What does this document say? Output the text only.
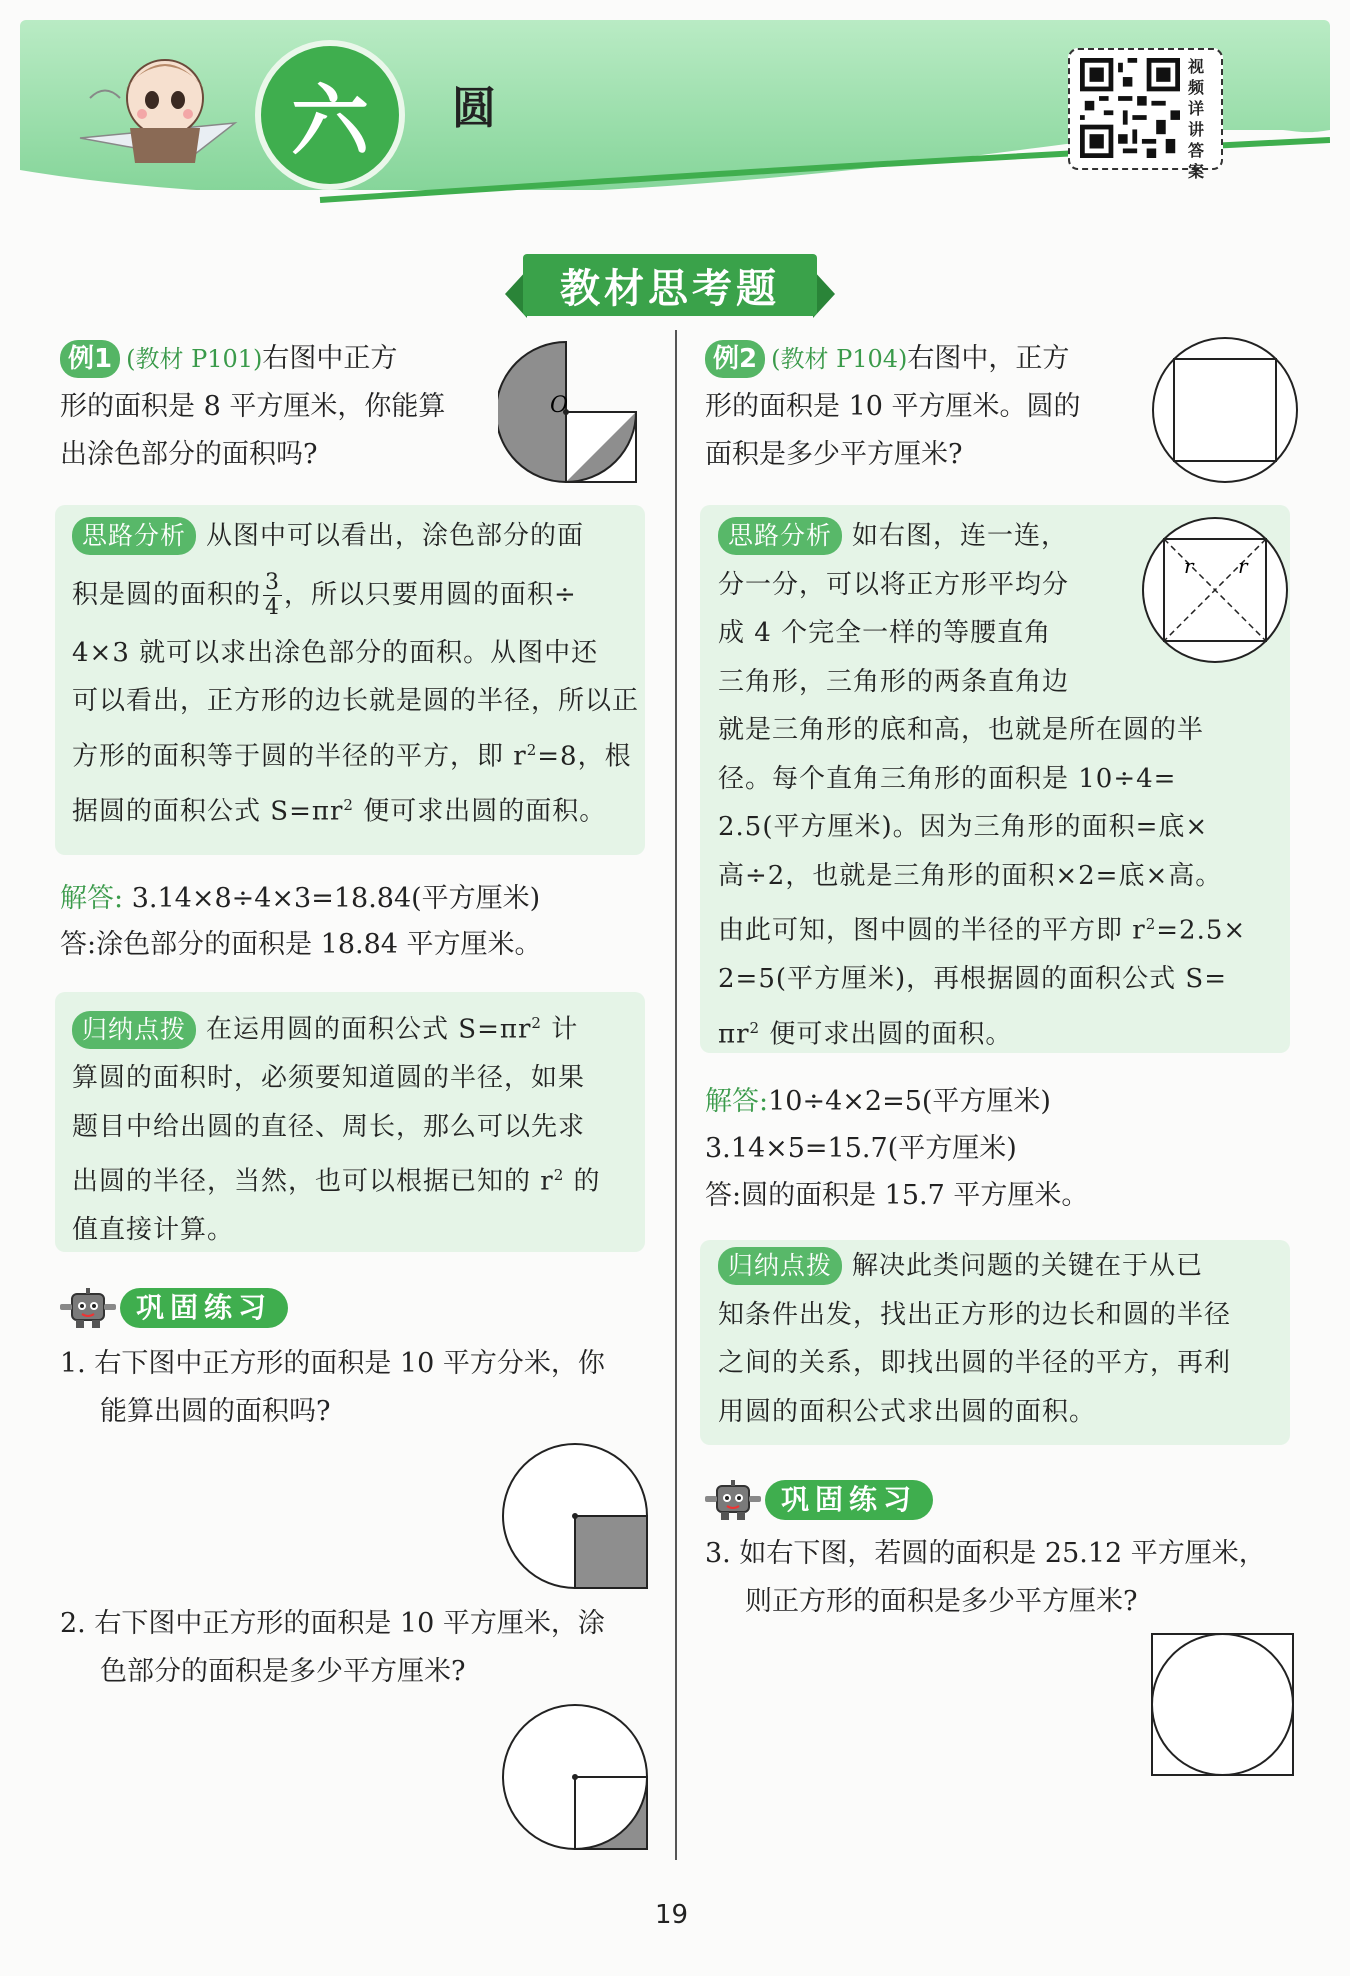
六 圆
视频详讲答案
教材思考题
例1 (教材 P101)右图中正方
形的面积是 8 平方厘米，你能算
出涂色部分的面积吗?
O
思路分析 从图中可以看出，涂色部分的面
积是圆的面积的 $\frac{3}{4}$ ，所以只要用圆的面积÷
4×3 就可以求出涂色部分的面积。从图中还
可以看出，正方形的边长就是圆的半径，所以正
方形的面积等于圆的半径的平方，即 $r^2=8$，根
据圆的面积公式 $S=\pi r^2$ 便可求出圆的面积。
解答: 3.14×8÷4×3=18.84(平方厘米)
答:涂色部分的面积是 18.84 平方厘米。
归纳点拨 在运用圆的面积公式 $S=\pi r^2$ 计
算圆的面积时，必须要知道圆的半径，如果
题目中给出圆的直径、周长，那么可以先求
出圆的半径，当然，也可以根据已知的 $r^2$ 的
值直接计算。
巩固练习
1. 右下图中正方形的面积是 10 平方分米，你
能算出圆的面积吗?
2. 右下图中正方形的面积是 10 平方厘米，涂
色部分的面积是多少平方厘米?
例2 (教材 P104)右图中，正方
形的面积是 10 平方厘米。圆的
面积是多少平方厘米?
r r
思路分析 如右图，连一连，
分一分，可以将正方形平均分
成 4 个完全一样的等腰直角
三角形，三角形的两条直角边
就是三角形的底和高，也就是所在圆的半
径。每个直角三角形的面积是 10÷4=
2.5(平方厘米)。因为三角形的面积=底×
高÷2，也就是三角形的面积×2=底×高。
由此可知，图中圆的半径的平方即 $r^2=2.5\times$
2=5(平方厘米)，再根据圆的面积公式 S=
$\pi r^2$ 便可求出圆的面积。
解答:10÷4×2=5(平方厘米)
3.14×5=15.7(平方厘米)
答:圆的面积是 15.7 平方厘米。
归纳点拨 解决此类问题的关键在于从已
知条件出发，找出正方形的边长和圆的半径
之间的关系，即找出圆的半径的平方，再利
用圆的面积公式求出圆的面积。
巩固练习
3. 如右下图，若圆的面积是 25.12 平方厘米，
则正方形的面积是多少平方厘米?
19
